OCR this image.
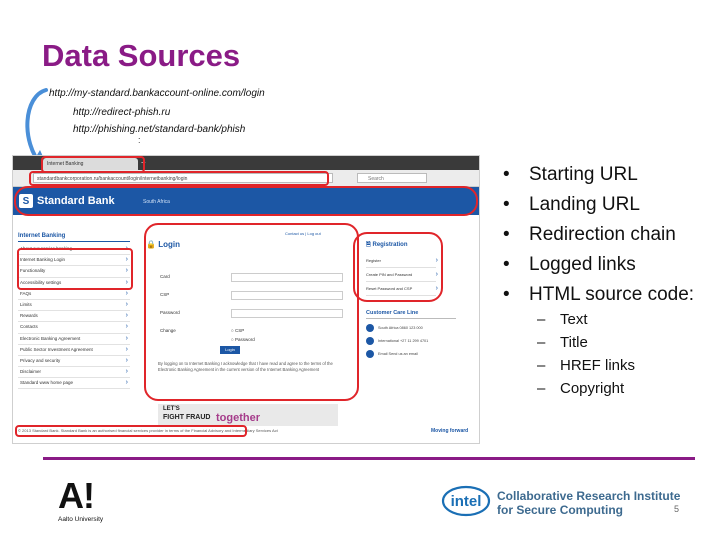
Data Sources
http://my-standard.bankaccount-online.com/login
http://redirect-phish.ru
http://phishing.net/standard-bank/phish
:
Internet Banking	+
standardbankcorporation.ru/bankaccount/login/internetbanking/login	Search
S Standard Bank	South Africa
Contact us | Log out
Internet Banking
About our service banking ›
Internet Banking Login ›
Functionality ›
Accessibility settings ›
FAQs ›
Limits ›
Rewards ›
Contacts ›
Electronic Banking Agreement ›
Public Sector Investment Agreement ›
Privacy and security ›
Disclaimer ›
Standard www home page ›
🔒 Login
Card
CSP
Password
Change	○ CSP
○ Password
Login
By logging on to Internet Banking I acknowledge that I have read and agree to the terms of the Electronic Banking Agreement in the current version of the Internet Banking Agreement
LET'S
FIGHT FRAUD together
🗎 Registration
Register ›
Create PIN and Password ›
Reset Password and CSP ›
Customer Care Line
South Africa 0860 123 000
International +27 11 299 4701
Email Send us an email
© 2013 Standard Bank. Standard Bank is an authorised financial services provider in terms of the Financial Advisory and Intermediary Services Act	Moving forward
• Starting URL
• Landing URL
• Redirection chain
• Logged links
• HTML source code:
– Text
– Title
– HREF links
– Copyright
A!
Aalto University
intel Collaborative Research Institute
for Secure Computing	5
